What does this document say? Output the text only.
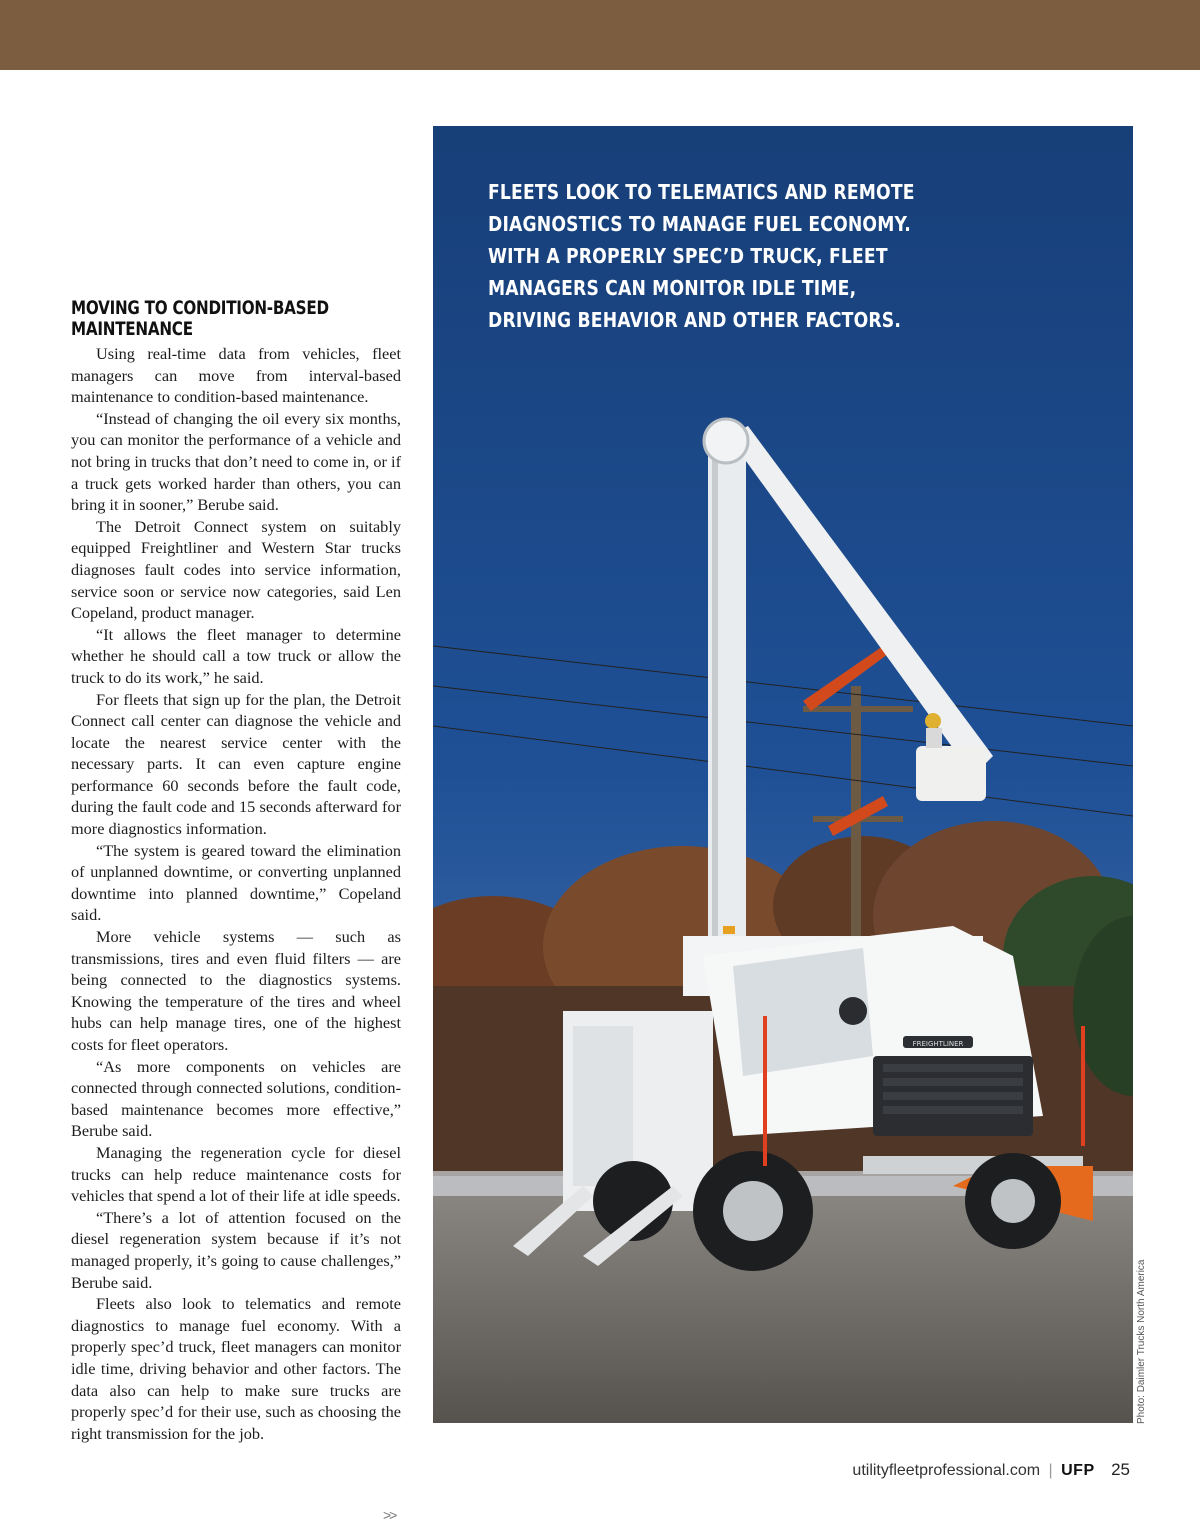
MOVING TO CONDITION-BASED MAINTENANCE

Using real-time data from vehicles, fleet managers can move from interval-based maintenance to condition-based maintenance.

“Instead of changing the oil every six months, you can monitor the performance of a vehicle and not bring in trucks that don’t need to come in, or if a truck gets worked harder than others, you can bring it in sooner,” Berube said.

The Detroit Connect system on suitably equipped Freightliner and Western Star trucks diagnoses fault codes into service information, service soon or service now categories, said Len Copeland, product manager.

“It allows the fleet manager to determine whether he should call a tow truck or allow the truck to do its work,” he said.

For fleets that sign up for the plan, the Detroit Connect call center can diagnose the vehicle and locate the nearest service center with the necessary parts. It can even capture engine performance 60 seconds before the fault code, during the fault code and 15 seconds afterward for more diagnostics information.

“The system is geared toward the elimination of unplanned downtime, or converting unplanned downtime into planned downtime,” Copeland said.

More vehicle systems — such as transmissions, tires and even fluid filters — are being connected to the diagnostics systems. Knowing the temperature of the tires and wheel hubs can help manage tires, one of the highest costs for fleet operators.

“As more components on vehicles are connected through connected solutions, condition-based maintenance becomes more effective,” Berube said.

Managing the regeneration cycle for diesel trucks can help reduce maintenance costs for vehicles that spend a lot of their life at idle speeds.

“There’s a lot of attention focused on the diesel regeneration system because if it’s not managed properly, it’s going to cause challenges,” Berube said.

Fleets also look to telematics and remote diagnostics to manage fuel economy. With a properly spec’d truck, fleet managers can monitor idle time, driving behavior and other factors. The data also can help to make sure trucks are properly spec’d for their use, such as choosing the right transmission for the job.

>>
FREIGHTLINER
FLEETS LOOK TO TELEMATICS AND REMOTE DIAGNOSTICS TO MANAGE FUEL ECONOMY. WITH A PROPERLY SPEC’D TRUCK, FLEET MANAGERS CAN MONITOR IDLE TIME, DRIVING BEHAVIOR AND OTHER FACTORS.
Photo: Daimler Trucks North America
utilityfleetprofessional.com | UFP 25
